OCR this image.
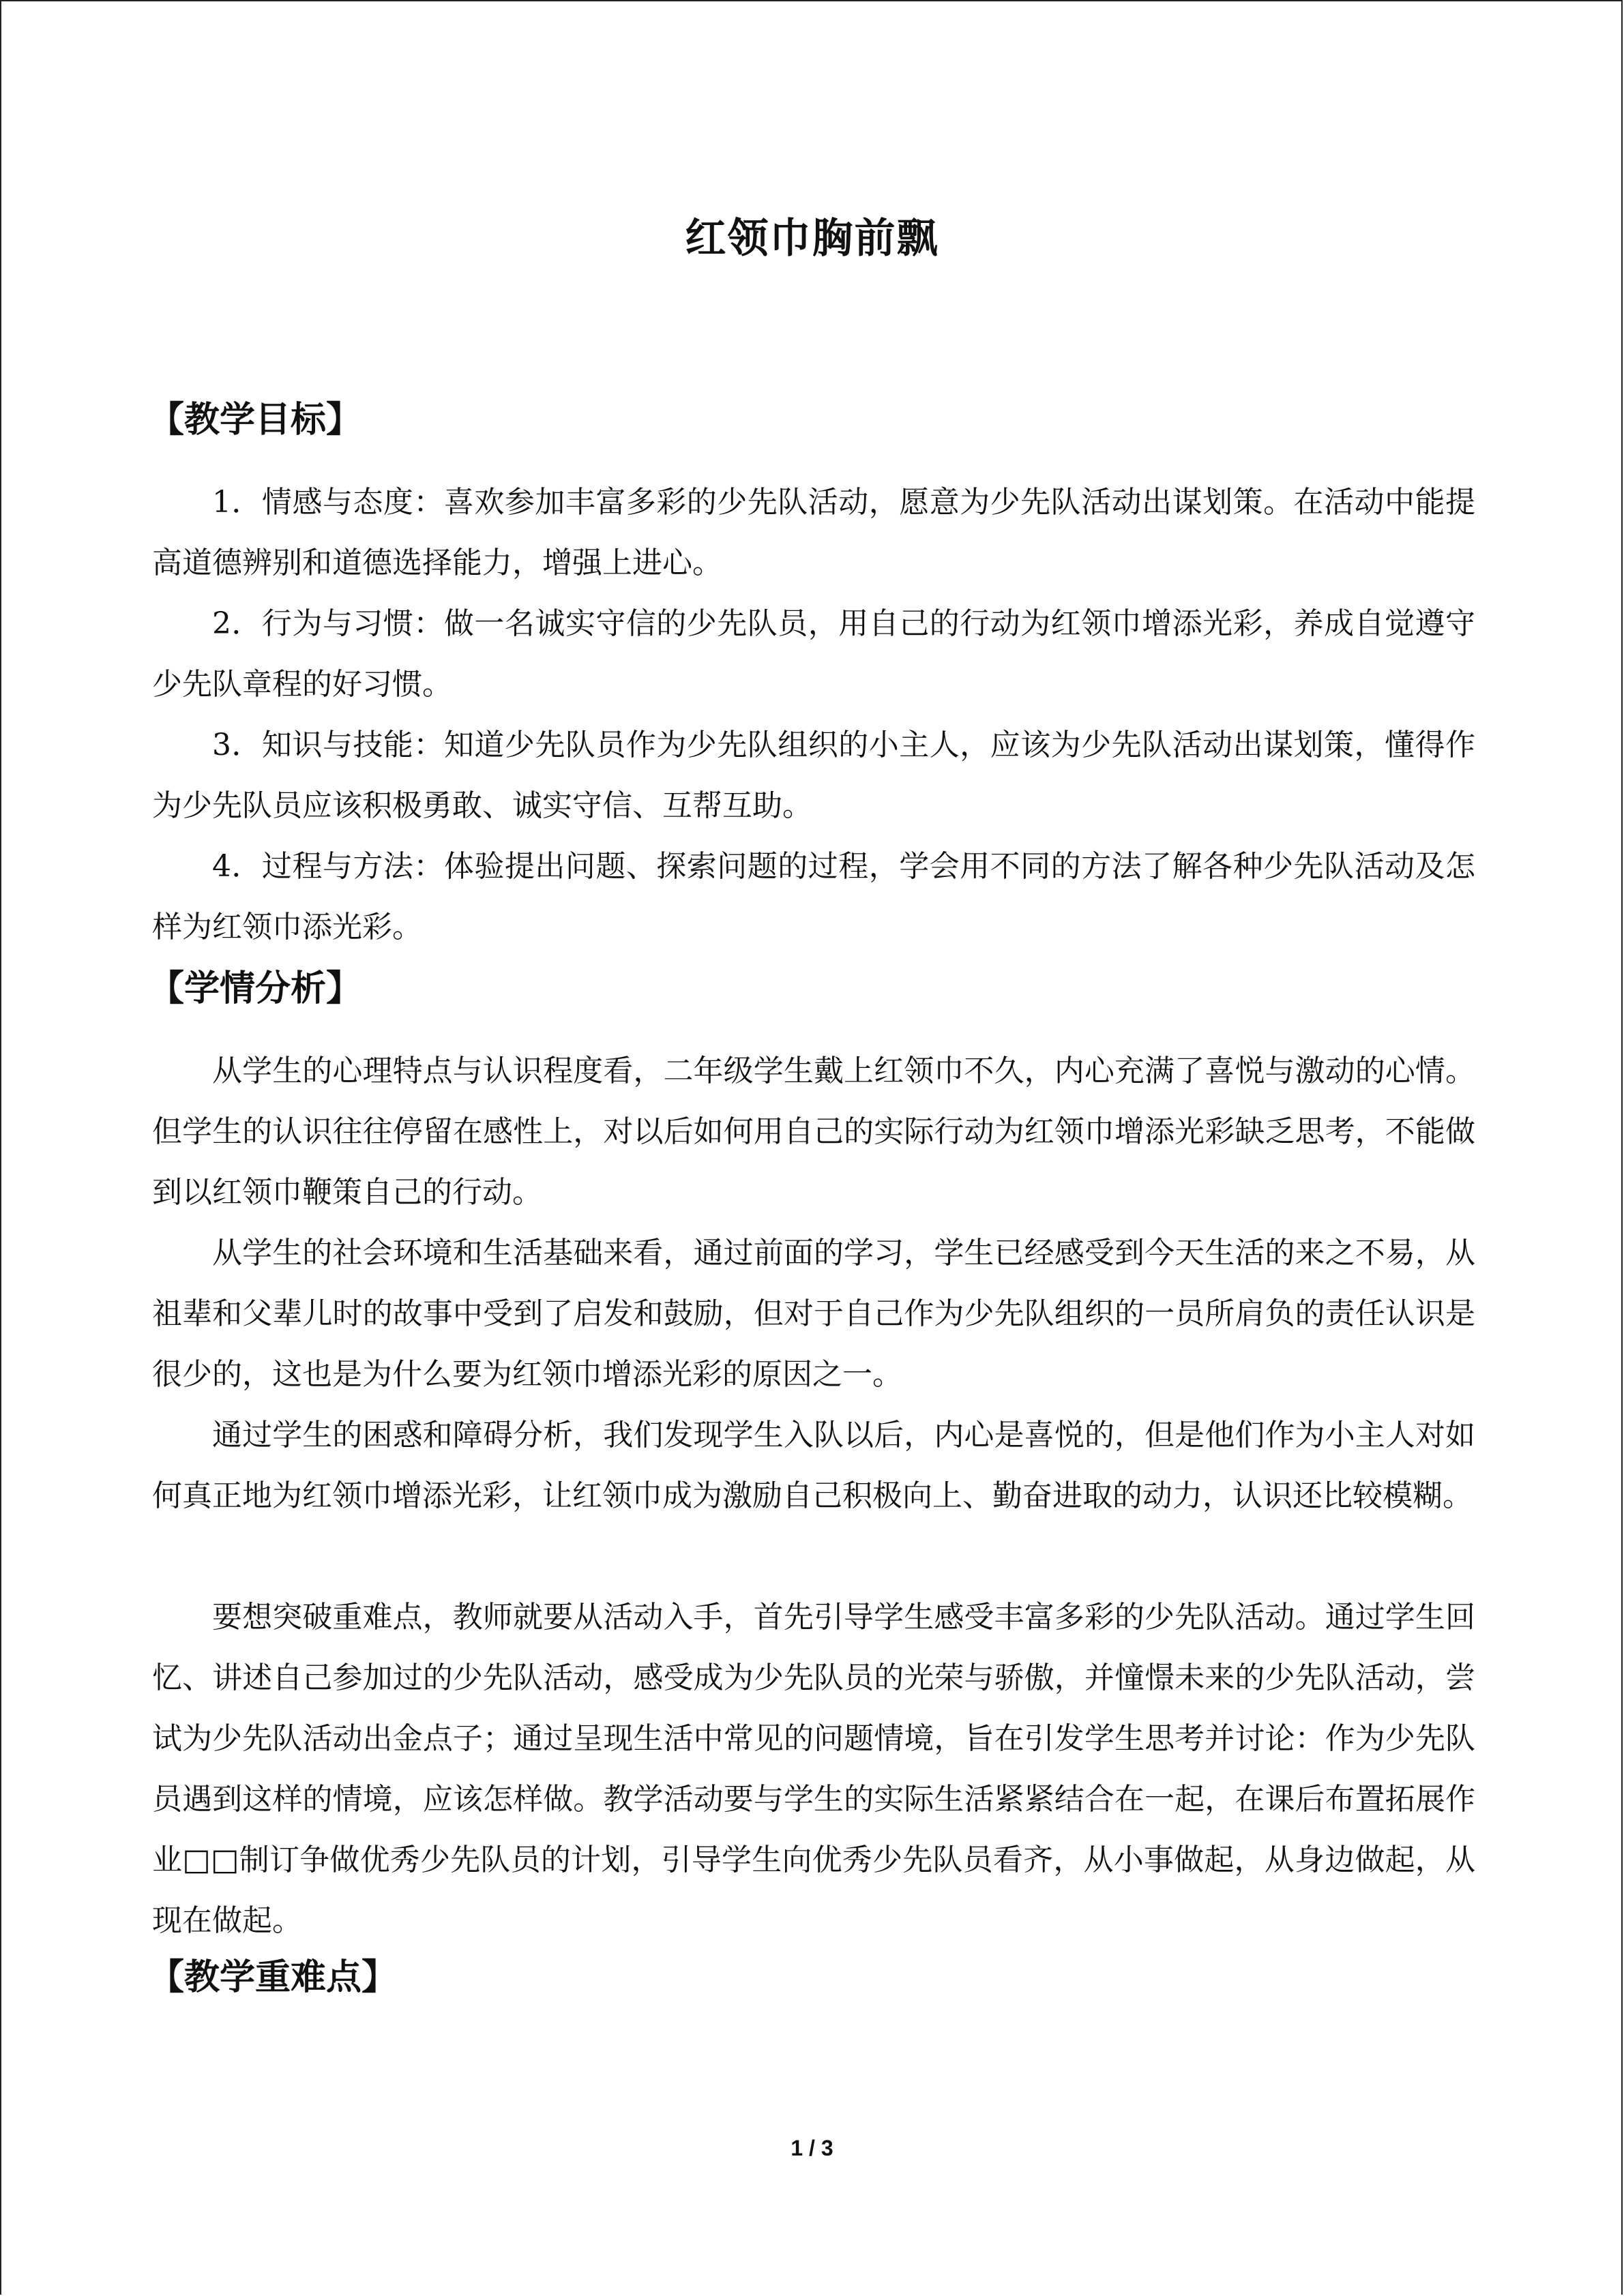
红领巾胸前飘
【教学目标】

1．情感与态度：喜欢参加丰富多彩的少先队活动，愿意为少先队活动出谋划策。在活动中能提高道德辨别和道德选择能力，增强上进心。

2．行为与习惯：做一名诚实守信的少先队员，用自己的行动为红领巾增添光彩，养成自觉遵守少先队章程的好习惯。

3．知识与技能：知道少先队员作为少先队组织的小主人，应该为少先队活动出谋划策，懂得作为少先队员应该积极勇敢、诚实守信、互帮互助。

4．过程与方法：体验提出问题、探索问题的过程，学会用不同的方法了解各种少先队活动及怎样为红领巾添光彩。

【学情分析】

从学生的心理特点与认识程度看，二年级学生戴上红领巾不久，内心充满了喜悦与激动的心情。但学生的认识往往停留在感性上，对以后如何用自己的实际行动为红领巾增添光彩缺乏思考，不能做到以红领巾鞭策自己的行动。

从学生的社会环境和生活基础来看，通过前面的学习，学生已经感受到今天生活的来之不易，从祖辈和父辈儿时的故事中受到了启发和鼓励，但对于自己作为少先队组织的一员所肩负的责任认识是很少的，这也是为什么要为红领巾增添光彩的原因之一。

通过学生的困惑和障碍分析，我们发现学生入队以后，内心是喜悦的，但是他们作为小主人对如何真正地为红领巾增添光彩，让红领巾成为激励自己积极向上、勤奋进取的动力，认识还比较模糊。

要想突破重难点，教师就要从活动入手，首先引导学生感受丰富多彩的少先队活动。通过学生回忆、讲述自己参加过的少先队活动，感受成为少先队员的光荣与骄傲，并憧憬未来的少先队活动，尝试为少先队活动出金点子；通过呈现生活中常见的问题情境，旨在引发学生思考并讨论：作为少先队员遇到这样的情境，应该怎样做。教学活动要与学生的实际生活紧紧结合在一起，在课后布置拓展作业□□制订争做优秀少先队员的计划，引导学生向优秀少先队员看齐，从小事做起，从身边做起，从现在做起。

【教学重难点】
1 / 3
